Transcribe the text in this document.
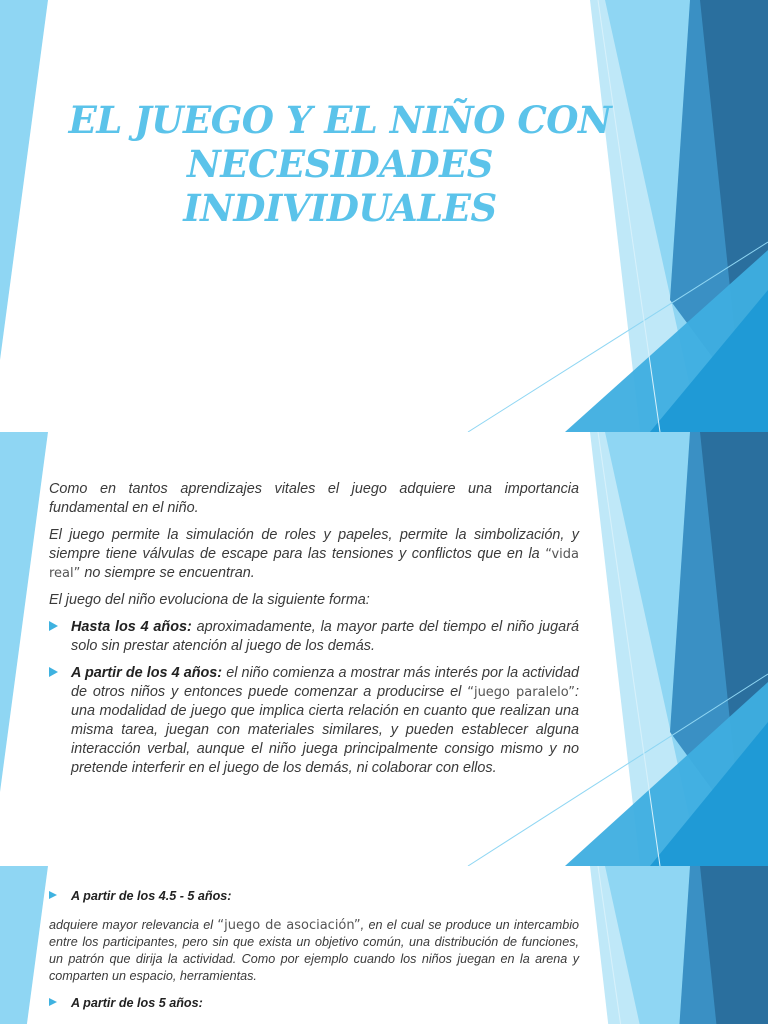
EL JUEGO Y EL NIÑO CON
NECESIDADES
INDIVIDUALES

Como en tantos aprendizajes vitales el juego adquiere una importancia fundamental en el niño.

El juego permite la simulación de roles y papeles, permite la simbolización, y siempre tiene válvulas de escape para las tensiones y conflictos que en la “vida real” no siempre se encuentran.

El juego del niño evoluciona de la siguiente forma:

Hasta los 4 años: aproximadamente, la mayor parte del tiempo el niño jugará solo sin prestar atención al juego de los demás.
A partir de los 4 años: el niño comienza a mostrar más interés por la actividad de otros niños y entonces puede comenzar a producirse el “juego paralelo”: una modalidad de juego que implica cierta relación en cuanto que realizan una misma tarea, juegan con materiales similares, y pueden establecer alguna interacción verbal, aunque el niño juega principalmente consigo mismo y no pretende interferir en el juego de los demás, ni colaborar con ellos.
A partir de los 4.5 - 5 años:

adquiere mayor relevancia el “juego de asociación”, en el cual se produce un intercambio entre los participantes, pero sin que exista un objetivo común, una distribución de funciones, un patrón que dirija la actividad. Como por ejemplo cuando los niños juegan en la arena y comparten un espacio, herramientas.

A partir de los 5 años:
